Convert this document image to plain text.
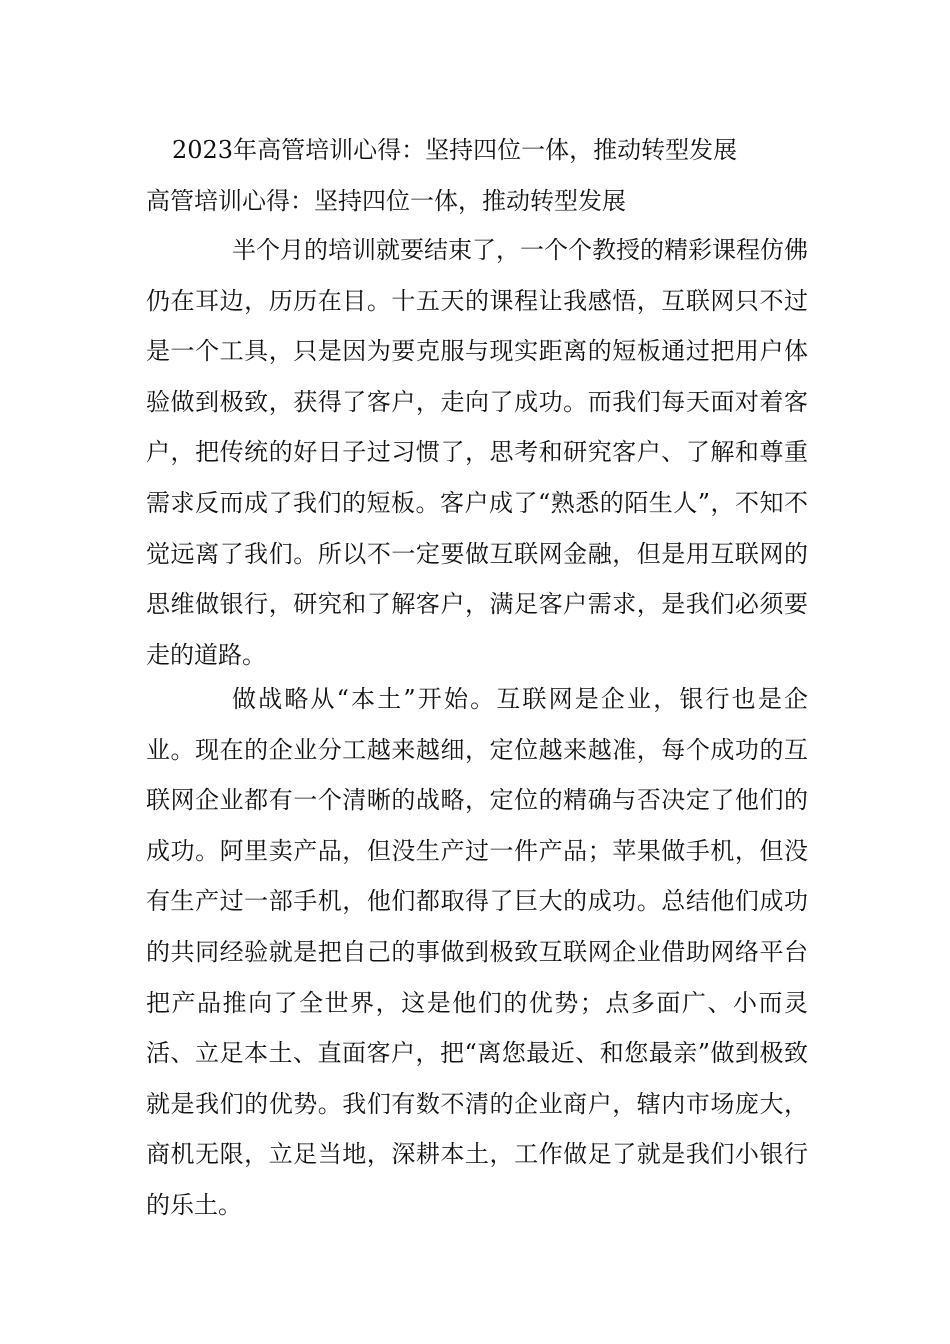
2023年高管培训心得：坚持四位一体，推动转型发展
高管培训心得：坚持四位一体，推动转型发展

半个月的培训就要结束了，一个个教授的精彩课程仿佛仍在耳边，历历在目。十五天的课程让我感悟，互联网只不过是一个工具，只是因为要克服与现实距离的短板通过把用户体验做到极致，获得了客户，走向了成功。而我们每天面对着客户，把传统的好日子过习惯了，思考和研究客户、了解和尊重需求反而成了我们的短板。客户成了“熟悉的陌生人”，不知不觉远离了我们。所以不一定要做互联网金融，但是用互联网的思维做银行，研究和了解客户，满足客户需求，是我们必须要走的道路。

做战略从“本土”开始。互联网是企业，银行也是企业。现在的企业分工越来越细，定位越来越准，每个成功的互联网企业都有一个清晰的战略，定位的精确与否决定了他们的成功。阿里卖产品，但没生产过一件产品；苹果做手机，但没有生产过一部手机，他们都取得了巨大的成功。总结他们成功的共同经验就是把自己的事做到极致互联网企业借助网络平台把产品推向了全世界，这是他们的优势；点多面广、小而灵活、立足本土、直面客户，把“离您最近、和您最亲”做到极致就是我们的优势。我们有数不清的企业商户，辖内市场庞大，商机无限，立足当地，深耕本土，工作做足了就是我们小银行的乐土。
